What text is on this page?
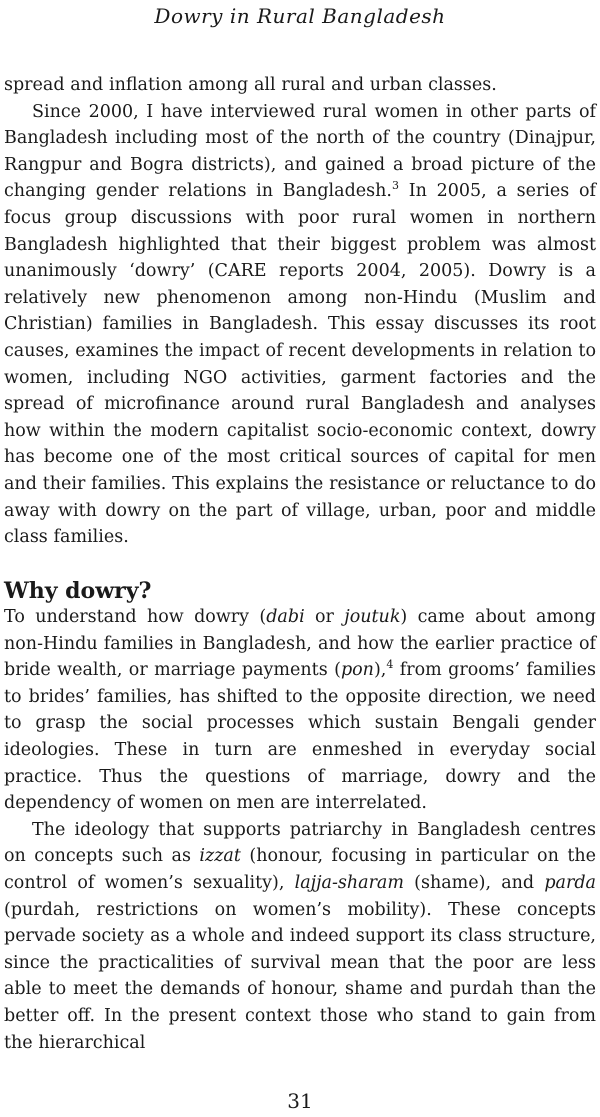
Dowry in Rural Bangladesh

spread and inflation among all rural and urban classes.

Since 2000, I have interviewed rural women in other parts of Bangladesh including most of the north of the country (Dinajpur, Rangpur and Bogra districts), and gained a broad picture of the changing gender relations in Bangladesh.$^3$ In 2005, a series of focus group discussions with poor rural women in northern Bangladesh highlighted that their biggest problem was almost unanimously ‘dowry’ (CARE reports 2004, 2005). Dowry is a relatively new phenomenon among non-Hindu (Muslim and Christian) families in Bangladesh. This essay discusses its root causes, examines the impact of recent developments in relation to women, including NGO activities, garment factories and the spread of microfinance around rural Bangladesh and analyses how within the modern capitalist socio-economic context, dowry has become one of the most critical sources of capital for men and their families. This explains the resistance or reluctance to do away with dowry on the part of village, urban, poor and middle class families.

Why dowry?

To understand how dowry (dabi or joutuk) came about among non-Hindu families in Bangladesh, and how the earlier practice of bride wealth, or marriage payments (pon),$^4$ from grooms’ families to brides’ families, has shifted to the opposite direction, we need to grasp the social processes which sustain Bengali gender ideologies. These in turn are enmeshed in everyday social practice. Thus the questions of marriage, dowry and the dependency of women on men are interrelated.

The ideology that supports patriarchy in Bangladesh centres on concepts such as izzat (honour, focusing in particular on the control of women’s sexuality), lajja-sharam (shame), and parda (purdah, restrictions on women’s mobility). These concepts pervade society as a whole and indeed support its class structure, since the practicalities of survival mean that the poor are less able to meet the demands of honour, shame and purdah than the better off. In the present context those who stand to gain from the hierarchical

31
